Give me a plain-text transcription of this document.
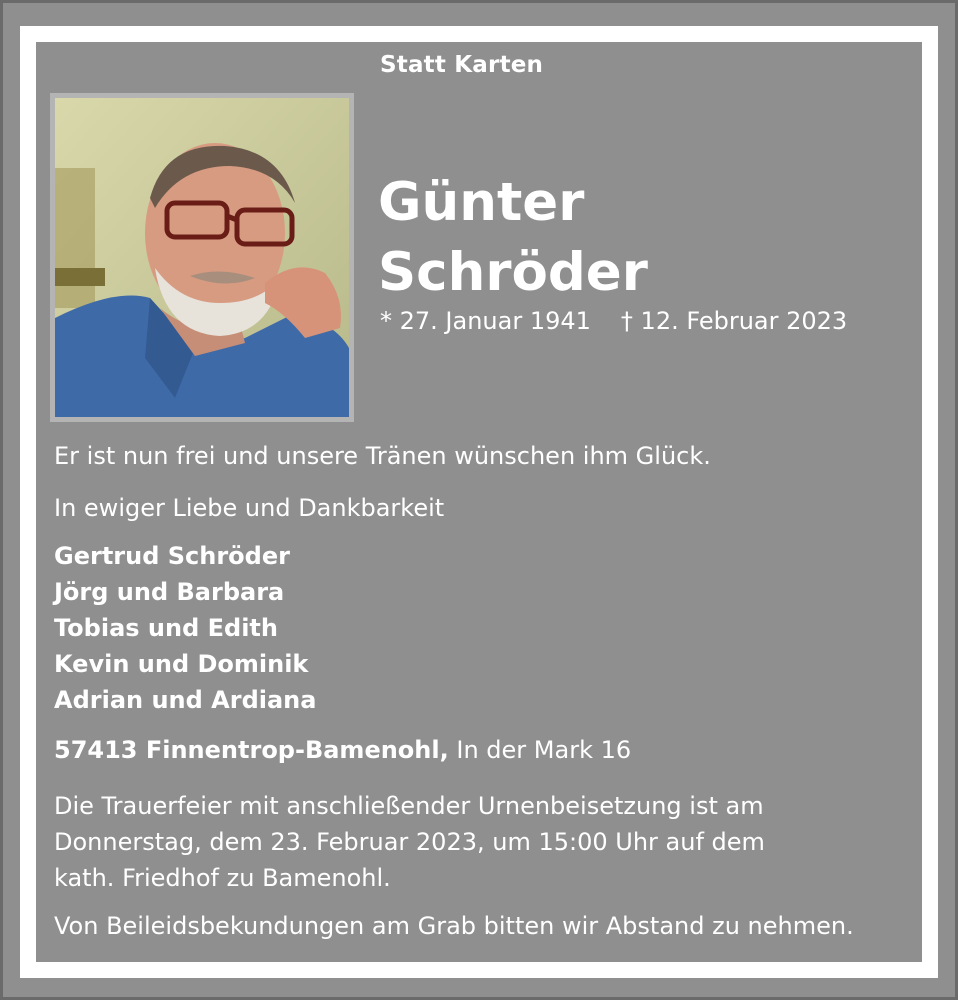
Statt Karten
Günter
Schröder
* 27. Januar 1941 † 12. Februar 2023
Er ist nun frei und unsere Tränen wünschen ihm Glück.
In ewiger Liebe und Dankbarkeit
Gertrud Schröder
Jörg und Barbara
Tobias und Edith
Kevin und Dominik
Adrian und Ardiana
57413 Finnentrop-Bamenohl, In der Mark 16
Die Trauerfeier mit anschließender Urnenbeisetzung ist am
Donnerstag, dem 23. Februar 2023, um 15:00 Uhr auf dem
kath. Friedhof zu Bamenohl.
Von Beileidsbekundungen am Grab bitten wir Abstand zu nehmen.
